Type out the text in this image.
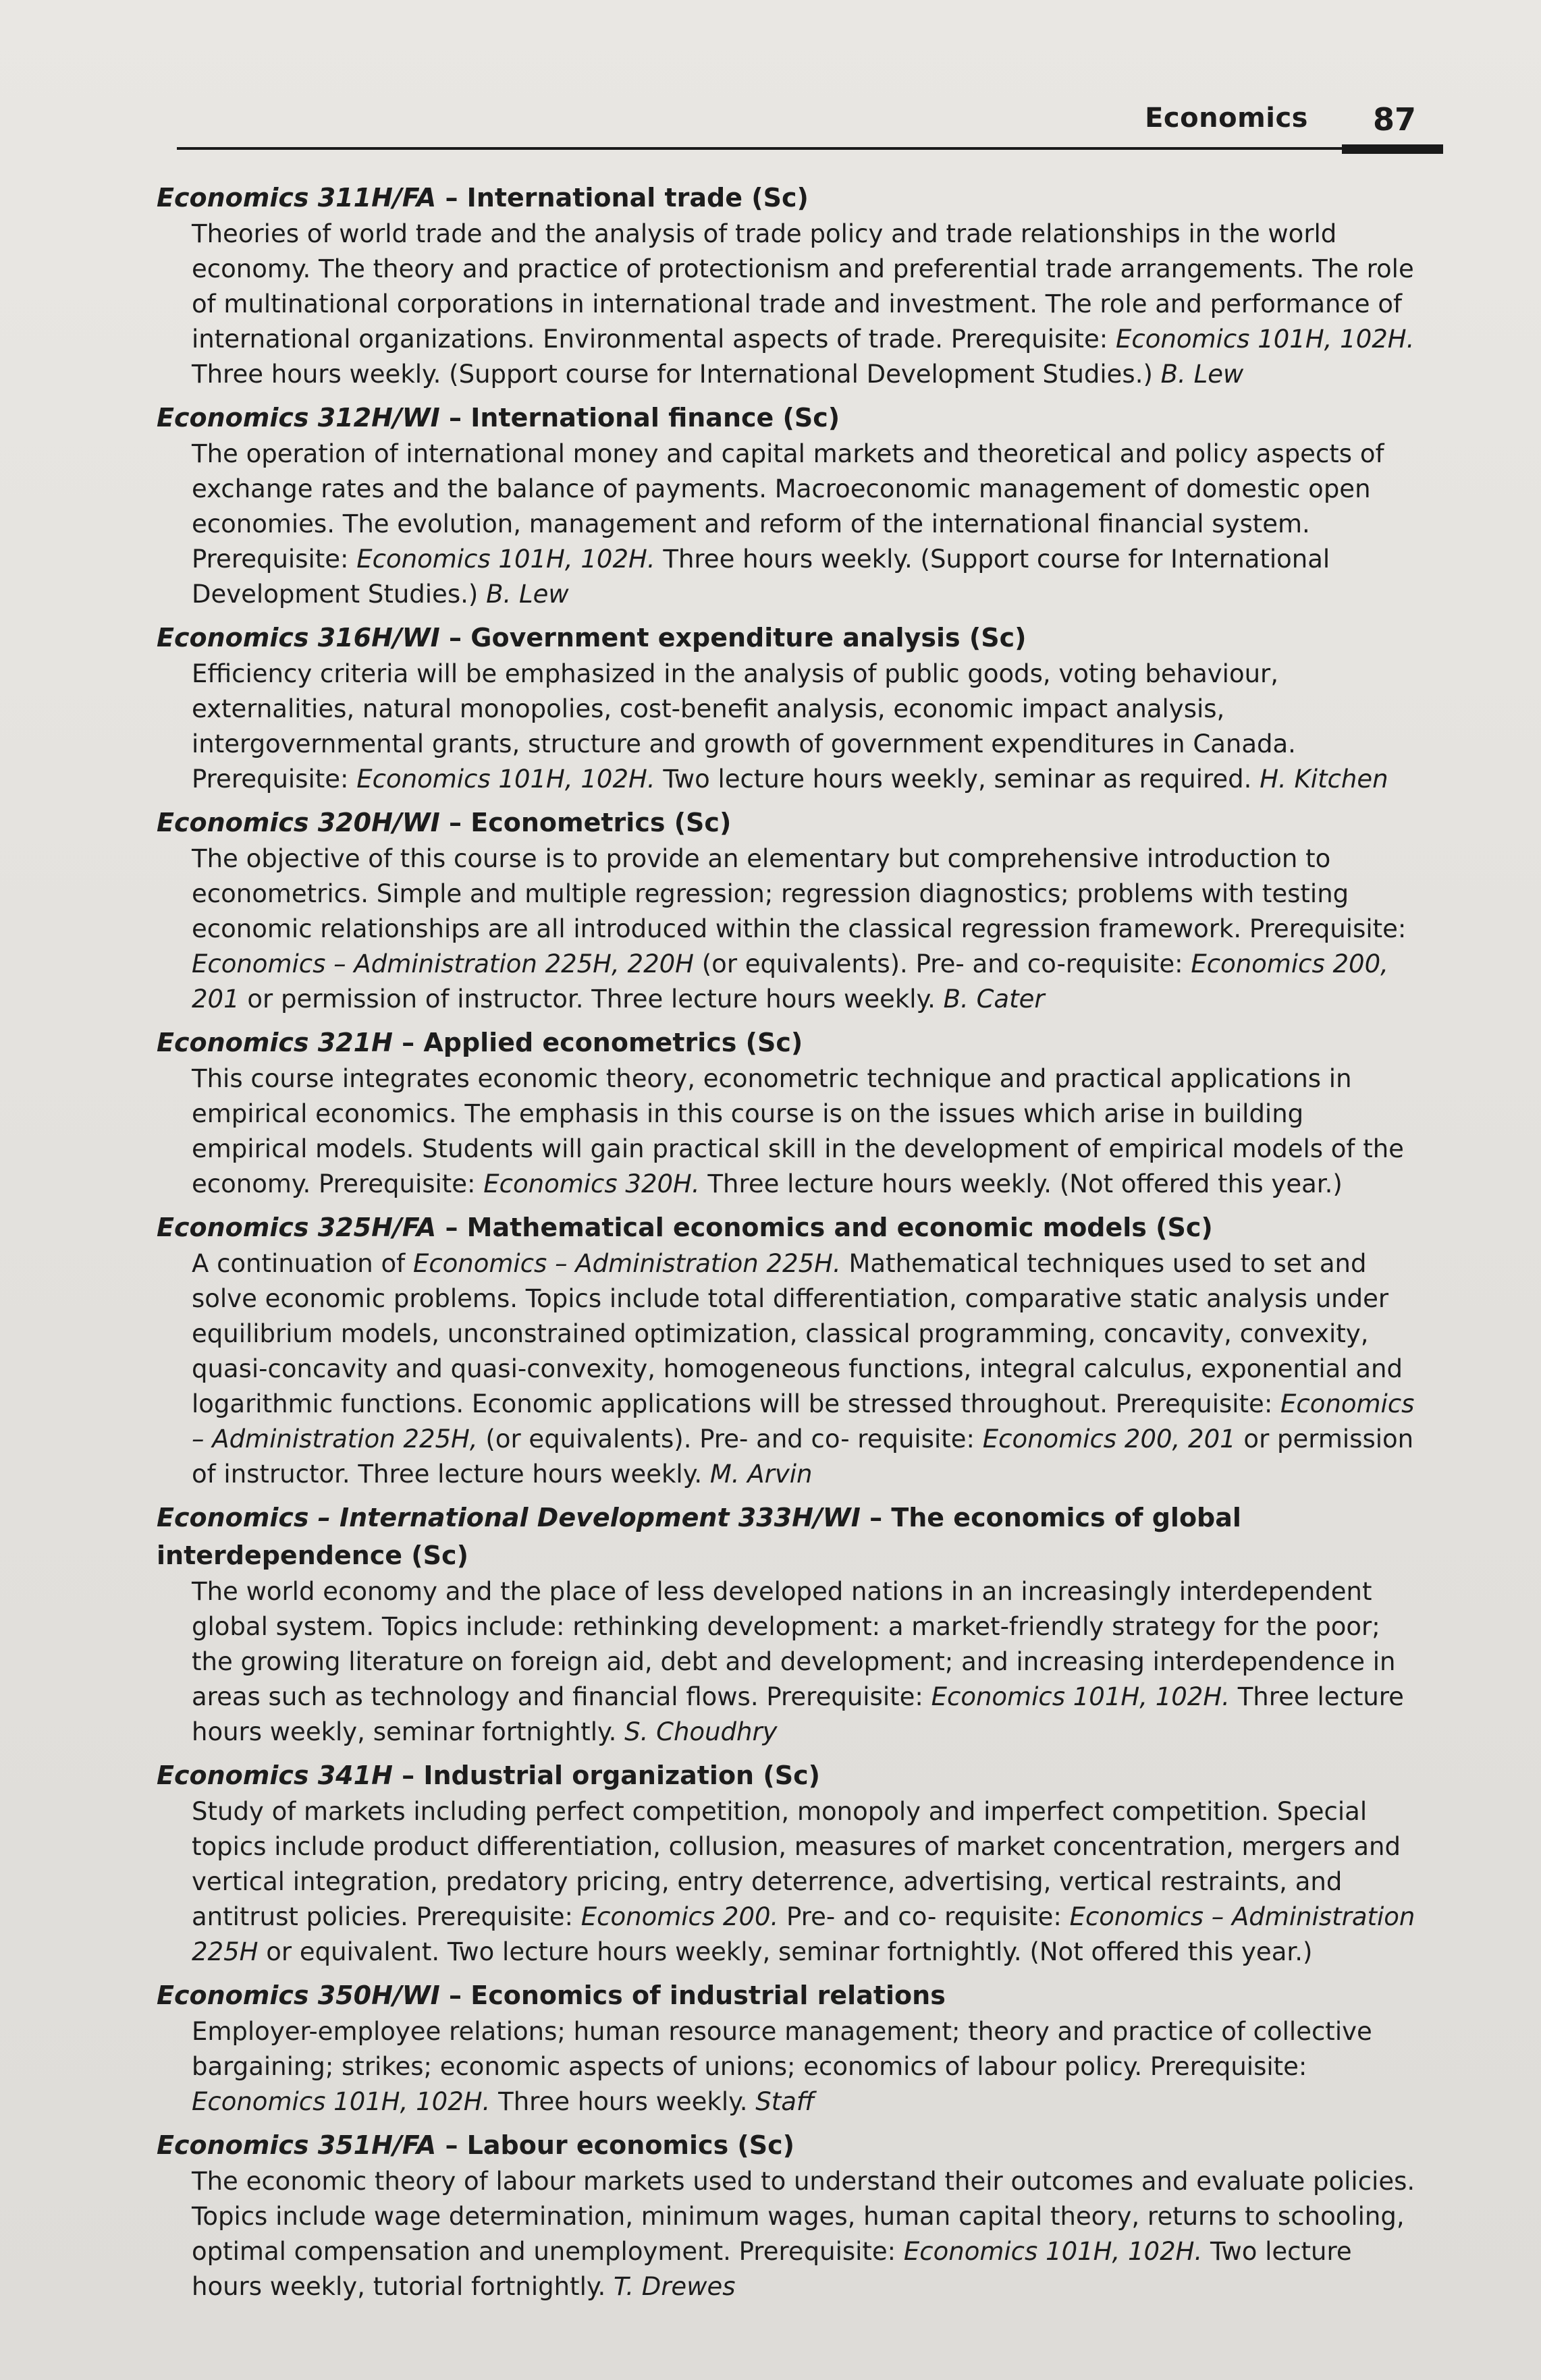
Economics 87

Economics 311H/FA – International trade (Sc)

Theories of world trade and the analysis of trade policy and trade relationships in the world economy. The theory and practice of protectionism and preferential trade arrangements. The role of multinational corporations in international trade and investment. The role and performance of international organizations. Environmental aspects of trade. Prerequisite: Economics 101H, 102H. Three hours weekly. (Support course for International Development Studies.) B. Lew

Economics 312H/WI – International finance (Sc)

The operation of international money and capital markets and theoretical and policy aspects of exchange rates and the balance of payments. Macroeconomic management of domestic open economies. The evolution, management and reform of the international financial system. Prerequisite: Economics 101H, 102H. Three hours weekly. (Support course for International Development Studies.) B. Lew

Economics 316H/WI – Government expenditure analysis (Sc)

Efficiency criteria will be emphasized in the analysis of public goods, voting behaviour, externalities, natural monopolies, cost-benefit analysis, economic impact analysis, intergovernmental grants, structure and growth of government expenditures in Canada. Prerequisite: Economics 101H, 102H. Two lecture hours weekly, seminar as required. H. Kitchen

Economics 320H/WI – Econometrics (Sc)

The objective of this course is to provide an elementary but comprehensive introduction to econometrics. Simple and multiple regression; regression diagnostics; problems with testing economic relationships are all introduced within the classical regression framework. Prerequisite: Economics – Administration 225H, 220H (or equivalents). Pre- and co-requisite: Economics 200, 201 or permission of instructor. Three lecture hours weekly. B. Cater

Economics 321H – Applied econometrics (Sc)

This course integrates economic theory, econometric technique and practical applications in empirical economics. The emphasis in this course is on the issues which arise in building empirical models. Students will gain practical skill in the development of empirical models of the economy. Prerequisite: Economics 320H. Three lecture hours weekly. (Not offered this year.)

Economics 325H/FA – Mathematical economics and economic models (Sc)

A continuation of Economics – Administration 225H. Mathematical techniques used to set and solve economic problems. Topics include total differentiation, comparative static analysis under equilibrium models, unconstrained optimization, classical programming, concavity, convexity, quasi-concavity and quasi-convexity, homogeneous functions, integral calculus, exponential and logarithmic functions. Economic applications will be stressed throughout. Prerequisite: Economics – Administration 225H, (or equivalents). Pre- and co- requisite: Economics 200, 201 or permission of instructor. Three lecture hours weekly. M. Arvin

Economics – International Development 333H/WI – The economics of global interdependence (Sc)

The world economy and the place of less developed nations in an increasingly interdependent global system. Topics include: rethinking development: a market-friendly strategy for the poor; the growing literature on foreign aid, debt and development; and increasing interdependence in areas such as technology and financial flows. Prerequisite: Economics 101H, 102H. Three lecture hours weekly, seminar fortnightly. S. Choudhry

Economics 341H – Industrial organization (Sc)

Study of markets including perfect competition, monopoly and imperfect competition. Special topics include product differentiation, collusion, measures of market concentration, mergers and vertical integration, predatory pricing, entry deterrence, advertising, vertical restraints, and antitrust policies. Prerequisite: Economics 200. Pre- and co- requisite: Economics – Administration 225H or equivalent. Two lecture hours weekly, seminar fortnightly. (Not offered this year.)

Economics 350H/WI – Economics of industrial relations

Employer-employee relations; human resource management; theory and practice of collective bargaining; strikes; economic aspects of unions; economics of labour policy. Prerequisite: Economics 101H, 102H. Three hours weekly. Staff

Economics 351H/FA – Labour economics (Sc)

The economic theory of labour markets used to understand their outcomes and evaluate policies. Topics include wage determination, minimum wages, human capital theory, returns to schooling, optimal compensation and unemployment. Prerequisite: Economics 101H, 102H. Two lecture hours weekly, tutorial fortnightly. T. Drewes
